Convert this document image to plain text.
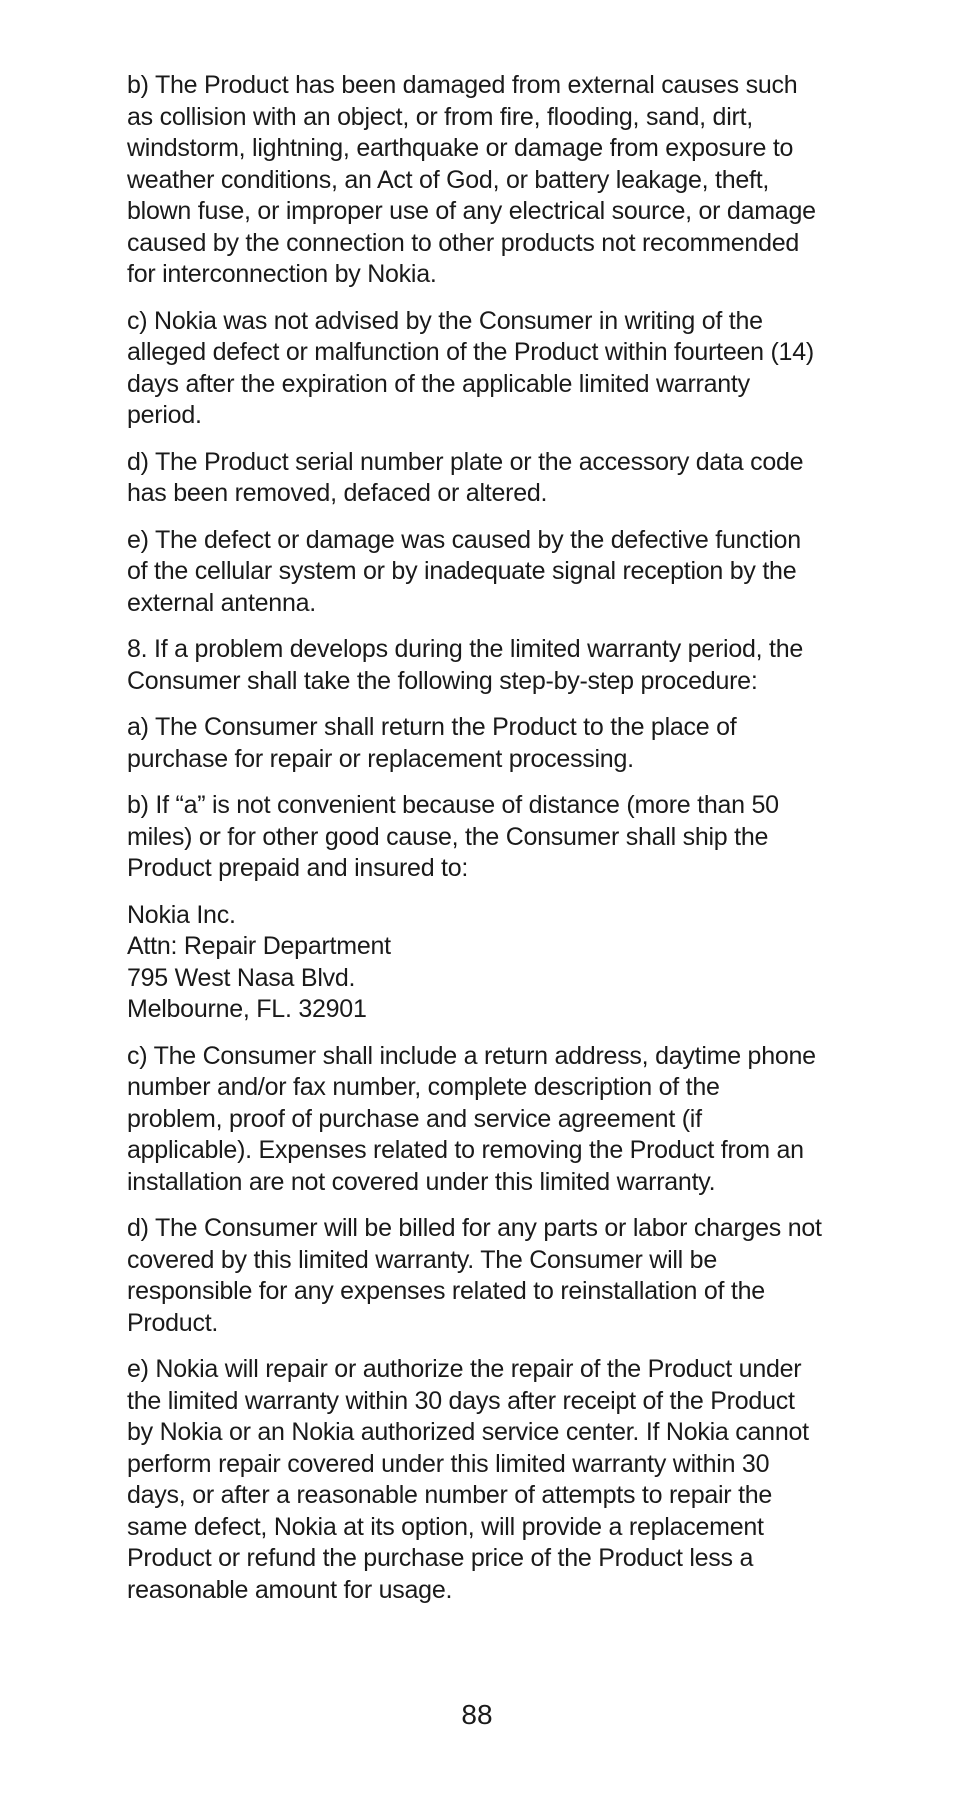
b) The Product has been damaged from external causes such
as collision with an object, or from fire, flooding, sand, dirt,
windstorm, lightning, earthquake or damage from exposure to
weather conditions, an Act of God, or battery leakage, theft,
blown fuse, or improper use of any electrical source, or damage
caused by the connection to other products not recommended
for interconnection by Nokia.

c) Nokia was not advised by the Consumer in writing of the
alleged defect or malfunction of the Product within fourteen (14)
days after the expiration of the applicable limited warranty
period.

d) The Product serial number plate or the accessory data code
has been removed, defaced or altered.

e) The defect or damage was caused by the defective function
of the cellular system or by inadequate signal reception by the
external antenna.

8. If a problem develops during the limited warranty period, the
Consumer shall take the following step-by-step procedure:

a) The Consumer shall return the Product to the place of
purchase for repair or replacement processing.

b) If “a” is not convenient because of distance (more than 50
miles) or for other good cause, the Consumer shall ship the
Product prepaid and insured to:

Nokia Inc.
Attn: Repair Department
795 West Nasa Blvd.
Melbourne, FL. 32901

c) The Consumer shall include a return address, daytime phone
number and/or fax number, complete description of the
problem, proof of purchase and service agreement (if
applicable). Expenses related to removing the Product from an
installation are not covered under this limited warranty.

d) The Consumer will be billed for any parts or labor charges not
covered by this limited warranty. The Consumer will be
responsible for any expenses related to reinstallation of the
Product.

e) Nokia will repair or authorize the repair of the Product under
the limited warranty within 30 days after receipt of the Product
by Nokia or an Nokia authorized service center. If Nokia cannot
perform repair covered under this limited warranty within 30
days, or after a reasonable number of attempts to repair the
same defect, Nokia at its option, will provide a replacement
Product or refund the purchase price of the Product less a
reasonable amount for usage.

88
